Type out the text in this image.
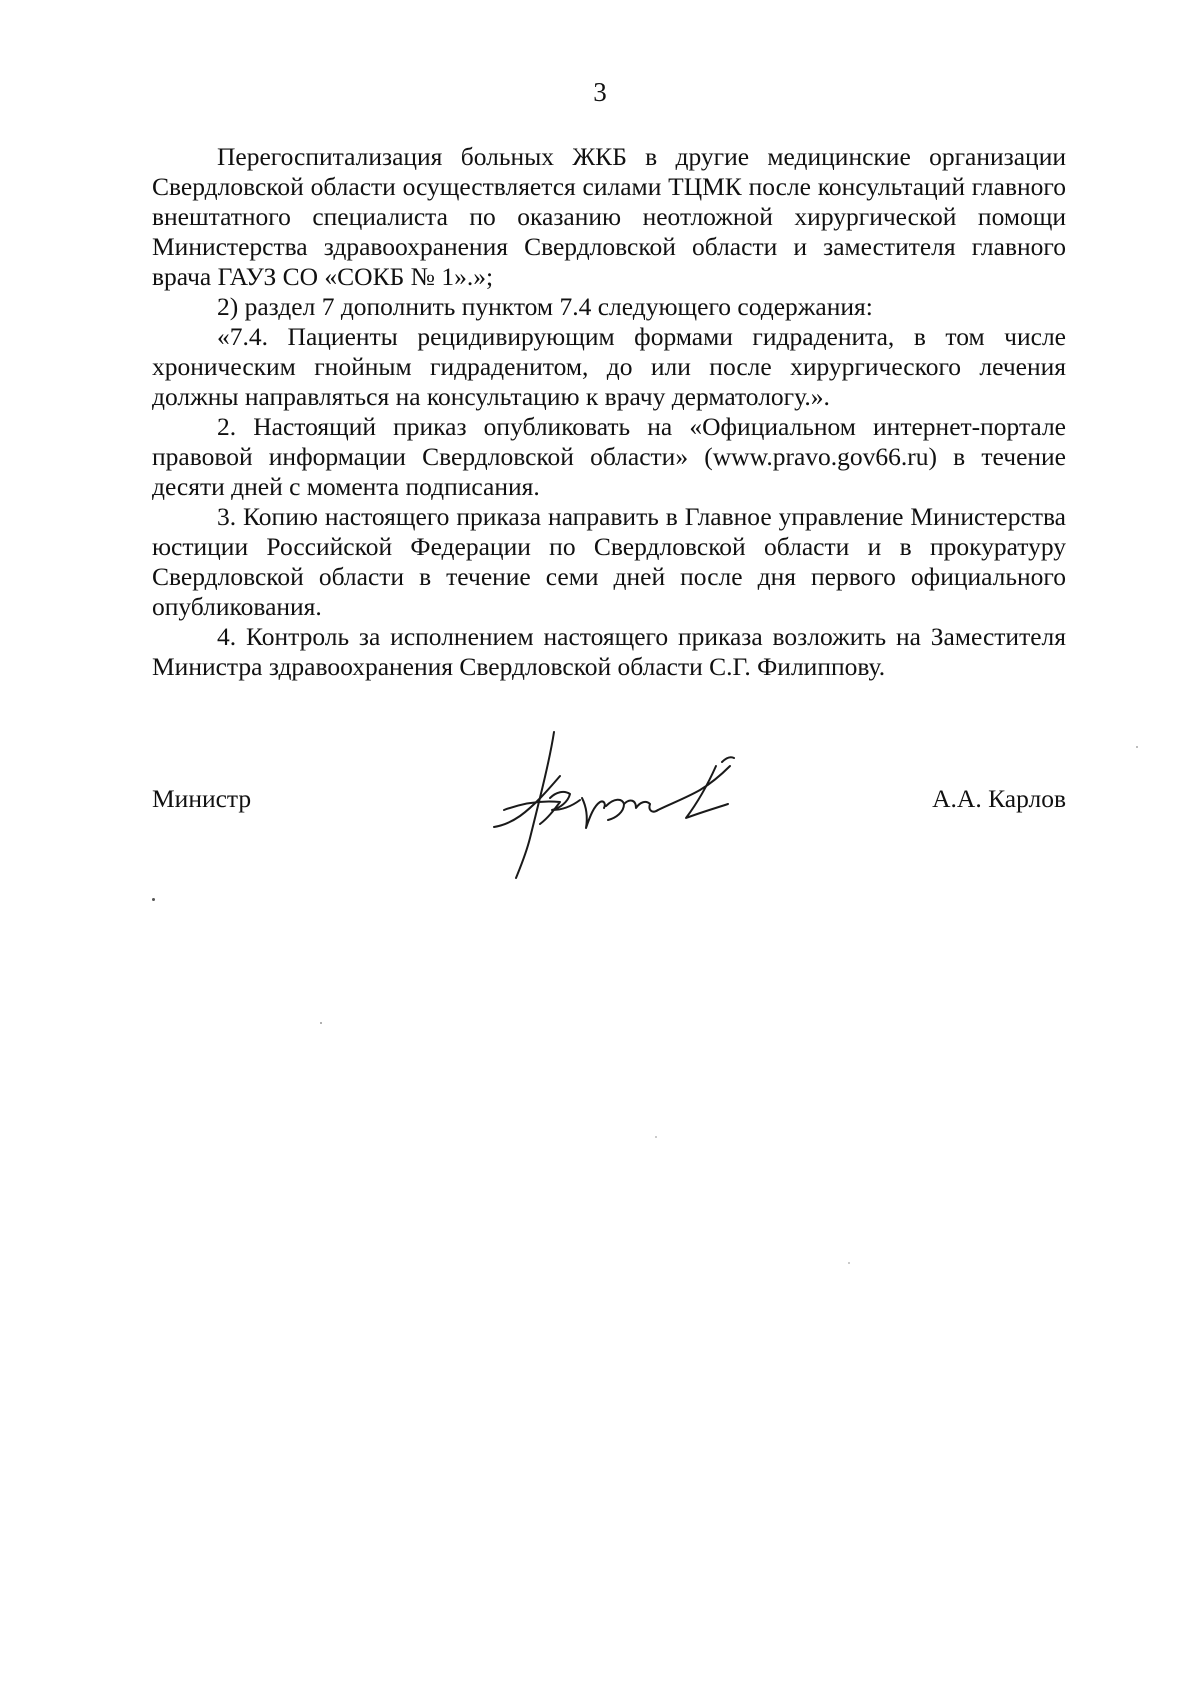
3

Перегоспитализация больных ЖКБ в другие медицинские организации Свердловской области осуществляется силами ТЦМК после консультаций главного внештатного специалиста по оказанию неотложной хирургической помощи Министерства здравоохранения Свердловской области и заместителя главного врача ГАУЗ СО «СОКБ № 1».»;

2) раздел 7 дополнить пунктом 7.4 следующего содержания:

«7.4. Пациенты рецидивирующим формами гидраденита, в том числе хроническим гнойным гидраденитом, до или после хирургического лечения должны направляться на консультацию к врачу дерматологу.».

2. Настоящий приказ опубликовать на «Официальном интернет-портале правовой информации Свердловской области» (www.pravo.gov66.ru) в течение десяти дней с момента подписания.

3. Копию настоящего приказа направить в Главное управление Министерства юстиции Российской Федерации по Свердловской области и в прокуратуру Свердловской области в течение семи дней после дня первого официального опубликования.

4. Контроль за исполнением настоящего приказа возложить на Заместителя Министра здравоохранения Свердловской области С.Г. Филиппову.

Министр	А.А. Карлов
